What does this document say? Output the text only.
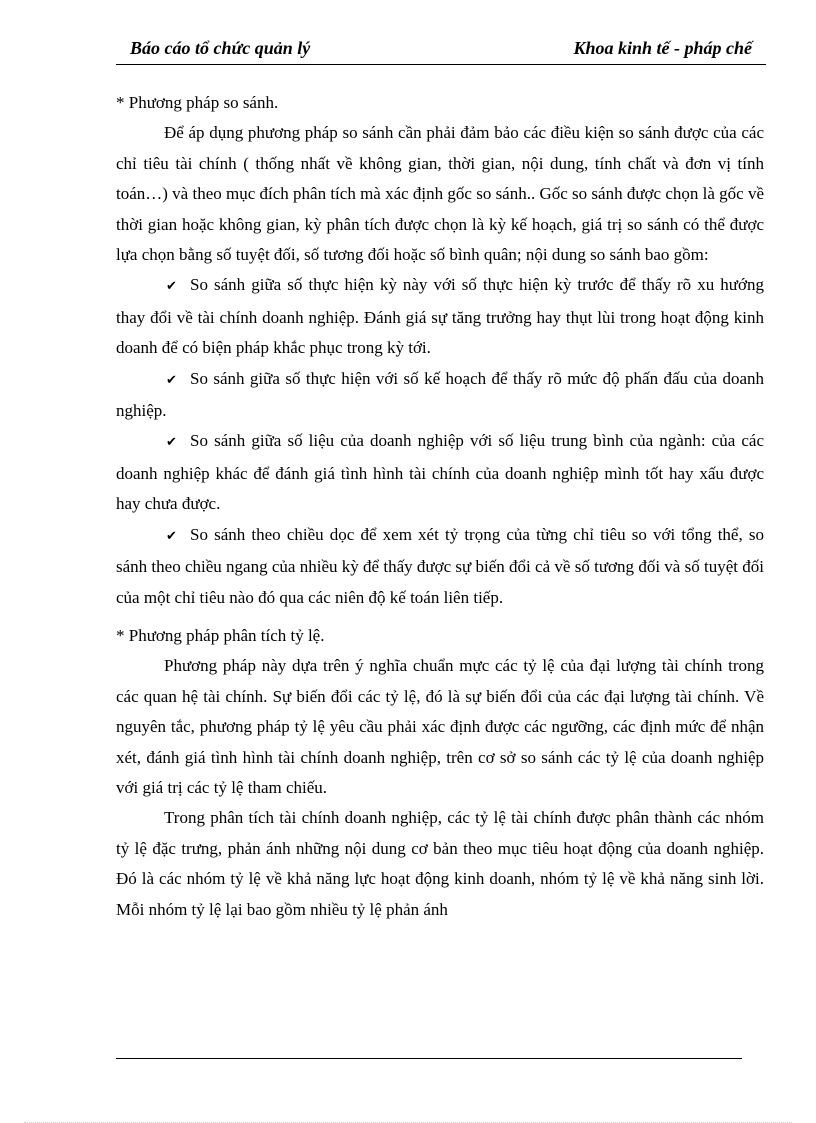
Báo cáo tổ chức quản lý	Khoa kinh tế - pháp chế

* Phương pháp so sánh.

Để áp dụng phương pháp so sánh cần phải đảm bảo các điều kiện so sánh được của các chỉ tiêu tài chính ( thống nhất về không gian, thời gian, nội dung, tính chất và đơn vị tính toán…) và theo mục đích phân tích mà xác định gốc so sánh.. Gốc so sánh được chọn là gốc về thời gian hoặc không gian, kỳ phân tích được chọn là kỳ kế hoạch, giá trị so sánh có thể được lựa chọn bằng số tuyệt đối, số tương đối hoặc số bình quân; nội dung so sánh bao gồm:

✔ So sánh giữa số thực hiện kỳ này với số thực hiện kỳ trước để thấy rõ xu hướng thay đổi về tài chính doanh nghiệp. Đánh giá sự tăng trưởng hay thụt lùi trong hoạt động kinh doanh để có biện pháp khắc phục trong kỳ tới.

✔ So sánh giữa số thực hiện với số kế hoạch để thấy rõ mức độ phấn đấu của doanh nghiệp.

✔ So sánh giữa số liệu của doanh nghiệp với số liệu trung bình của ngành: của các doanh nghiệp khác để đánh giá tình hình tài chính của doanh nghiệp mình tốt hay xấu được hay chưa được.

✔ So sánh theo chiều dọc để xem xét tỷ trọng của từng chỉ tiêu so với tổng thể, so sánh theo chiều ngang của nhiều kỳ để thấy được sự biến đổi cả về số tương đối và số tuyệt đối của một chỉ tiêu nào đó qua các niên độ kế toán liên tiếp.

* Phương pháp phân tích tỷ lệ.

Phương pháp này dựa trên ý nghĩa chuẩn mực các tỷ lệ của đại lượng tài chính trong các quan hệ tài chính. Sự biến đổi các tỷ lệ, đó là sự biến đổi của các đại lượng tài chính. Về nguyên tắc, phương pháp tỷ lệ yêu cầu phải xác định được các ngưỡng, các định mức để nhận xét, đánh giá tình hình tài chính doanh nghiệp, trên cơ sở so sánh các tỷ lệ của doanh nghiệp với giá trị các tỷ lệ tham chiếu.

Trong phân tích tài chính doanh nghiệp, các tỷ lệ tài chính được phân thành các nhóm tỷ lệ đặc trưng, phản ánh những nội dung cơ bản theo mục tiêu hoạt động của doanh nghiệp. Đó là các nhóm tỷ lệ về khả năng lực hoạt động kinh doanh, nhóm tỷ lệ về khả năng sinh lời. Mỗi nhóm tỷ lệ lại bao gồm nhiều tỷ lệ phản ánh
